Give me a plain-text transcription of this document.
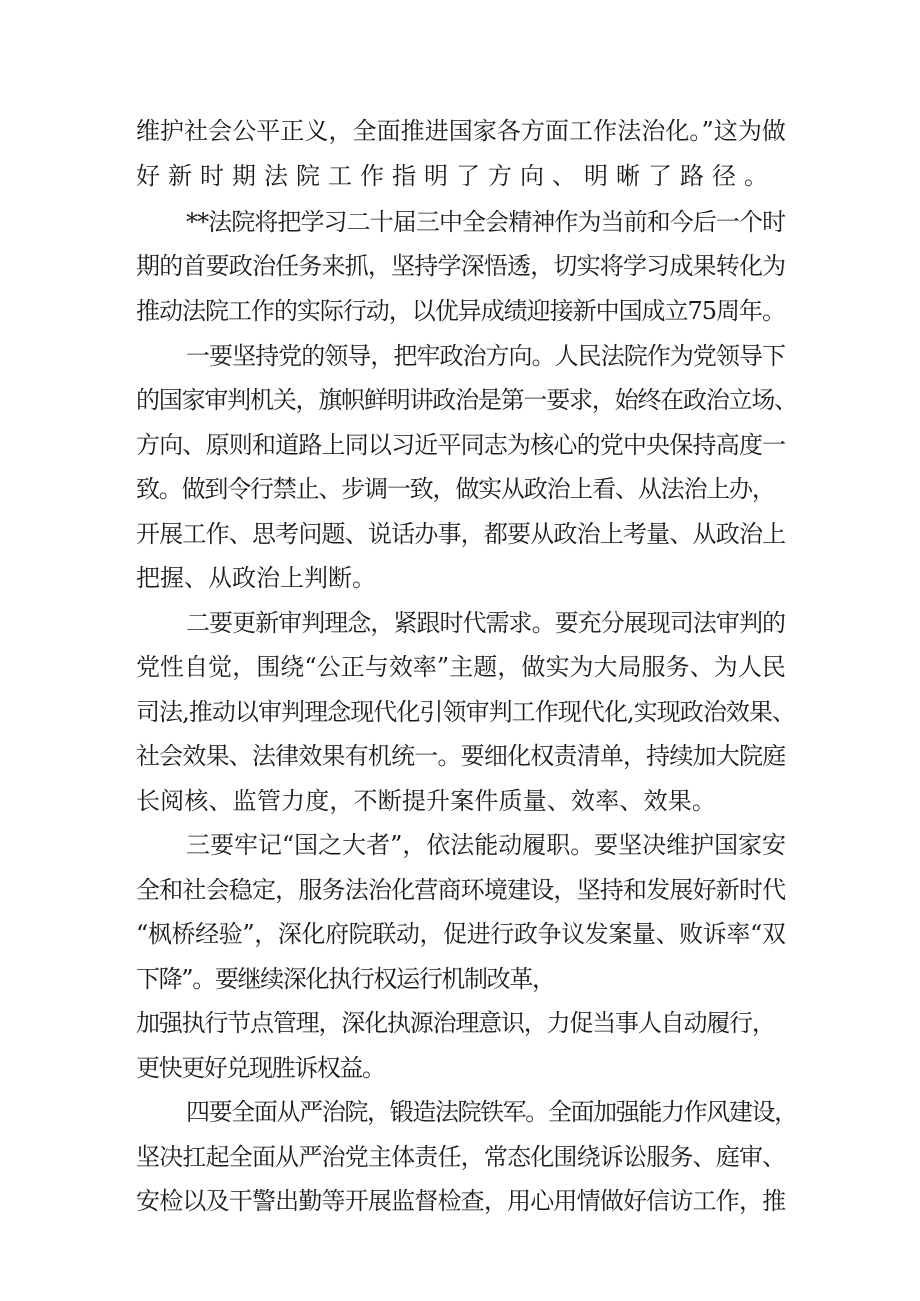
维护社会公平正义，全面推进国家各方面工作法治化。”这为做
好新时期法院工作指明了方向、明晰了路径。
**法院将把学习二十届三中全会精神作为当前和今后一个时
期的首要政治任务来抓，坚持学深悟透，切实将学习成果转化为
推动法院工作的实际行动，以优异成绩迎接新中国成立75周年。
一要坚持党的领导，把牢政治方向。人民法院作为党领导下
的国家审判机关，旗帜鲜明讲政治是第一要求，始终在政治立场、
方向、原则和道路上同以习近平同志为核心的党中央保持高度一
致。做到令行禁止、步调一致，做实从政治上看、从法治上办，
开展工作、思考问题、说话办事，都要从政治上考量、从政治上
把握、从政治上判断。
二要更新审判理念，紧跟时代需求。要充分展现司法审判的
党性自觉，围绕“公正与效率”主题，做实为大局服务、为人民
司法,推动以审判理念现代化引领审判工作现代化,实现政治效果、
社会效果、法律效果有机统一。要细化权责清单，持续加大院庭
长阅核、监管力度，不断提升案件质量、效率、效果。
三要牢记“国之大者”，依法能动履职。要坚决维护国家安
全和社会稳定，服务法治化营商环境建设，坚持和发展好新时代
“枫桥经验”，深化府院联动，促进行政争议发案量、败诉率“双
下降”。要继续深化执行权运行机制改革，
加强执行节点管理，深化执源治理意识，力促当事人自动履行，
更快更好兑现胜诉权益。
四要全面从严治院，锻造法院铁军。全面加强能力作风建设，
坚决扛起全面从严治党主体责任，常态化围绕诉讼服务、庭审、
安检以及干警出勤等开展监督检查，用心用情做好信访工作，推
